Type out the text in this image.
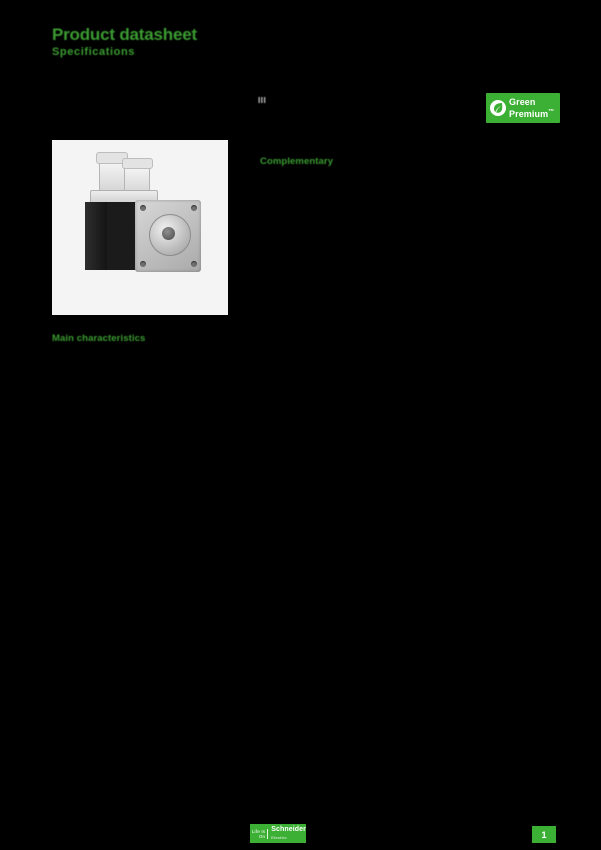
Product datasheet
Specifications
III	Green
Premium™
Complementary
Main characteristics
Life Is On
Schneider
Electric	1
